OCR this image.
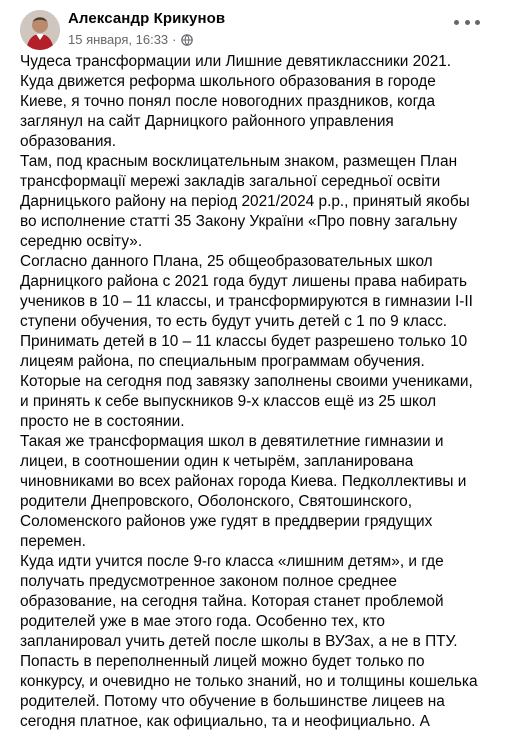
Александр Крикунов
15 января, 16:33 ·
Чудеса трансформации или Лишние девятиклассники 2021.
Куда движется реформа школьного образования в городе
Киеве, я точно понял после новогодних праздников, когда
заглянул на сайт Дарницкого районного управления
образования.
Там, под красным восклицательным знаком, размещен План
трансформації мережі закладів загальної середньої освіти
Дарницького району на період 2021/2024 р.р., принятый якобы
во исполнение статті 35 Закону України «Про повну загальну
середню освіту».
Согласно данного Плана, 25 общеобразовательных школ
Дарницкого района с 2021 года будут лишены права набирать
учеников в 10 – 11 классы, и трансформируются в гимназии I-II
ступени обучения, то есть будут учить детей с 1 по 9 класс.
Принимать детей в 10 – 11 классы будет разрешено только 10
лицеям района, по специальным программам обучения.
Которые на сегодня под завязку заполнены своими учениками,
и принять к себе выпускников 9-х классов ещё из 25 школ
просто не в состоянии.
Такая же трансформация школ в девятилетние гимназии и
лицеи, в соотношении один к четырём, запланирована
чиновниками во всех районах города Киева. Педколлективы и
родители Днепровского, Оболонского, Святошинского,
Соломенского районов уже гудят в преддверии грядущих
перемен.
Куда идти учится после 9-го класса «лишним детям», и где
получать предусмотренное законом полное среднее
образование, на сегодня тайна. Которая станет проблемой
родителей уже в мае этого года. Особенно тех, кто
запланировал учить детей после школы в ВУЗах, а не в ПТУ.
Попасть в переполненный лицей можно будет только по
конкурсу, и очевидно не только знаний, но и толщины кошелька
родителей. Потому что обучение в большинстве лицеев на
сегодня платное, как официально, та и неофициально. А
